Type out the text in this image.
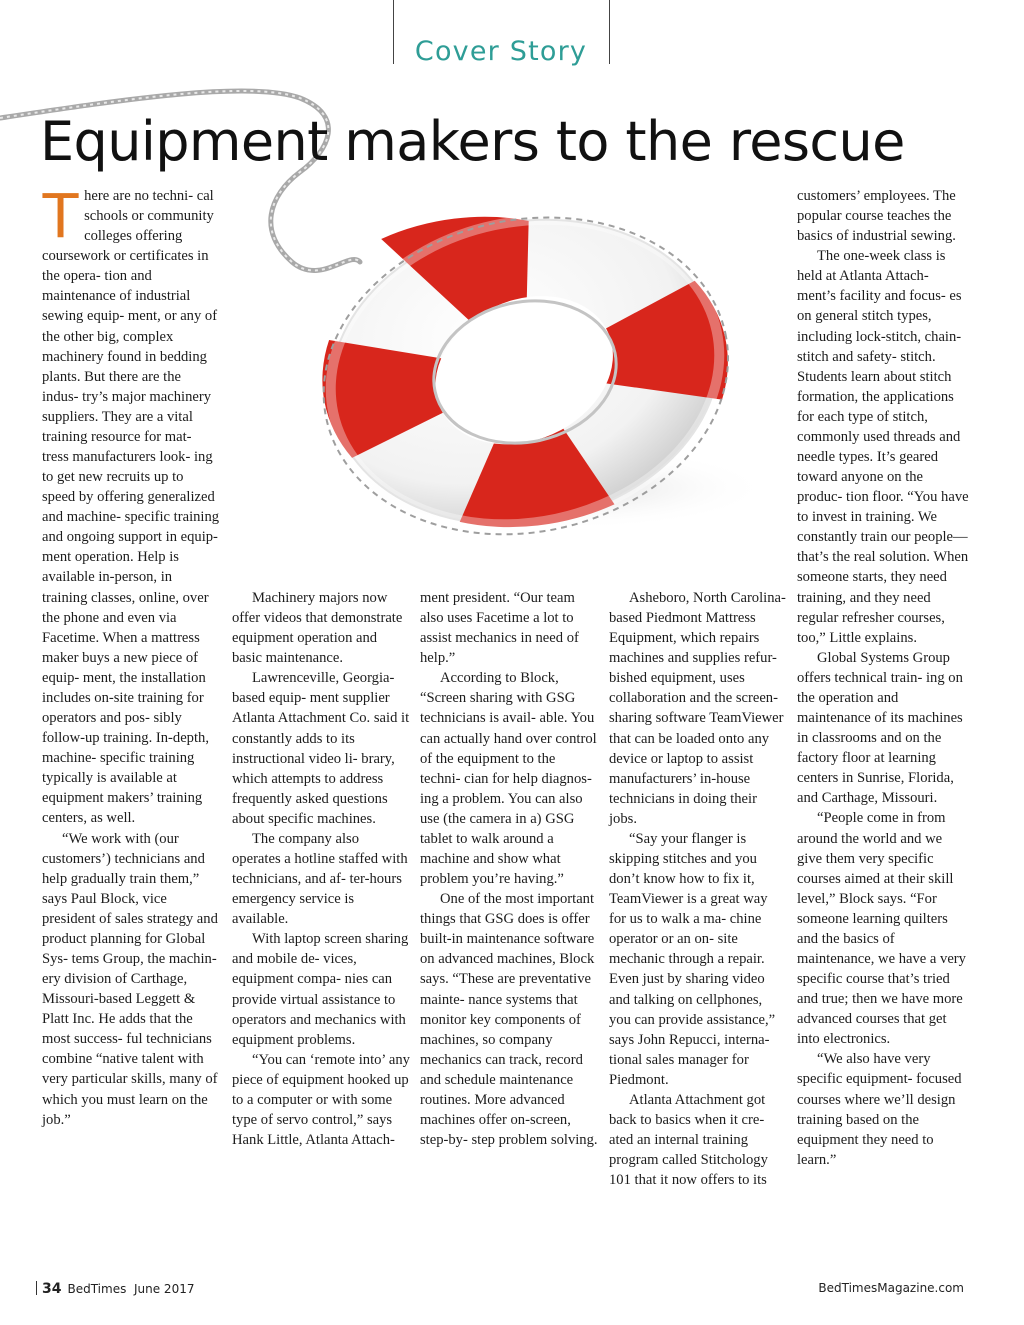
Cover Story
Equipment makers to the rescue

There are no techni- cal schools or community colleges offering coursework or certificates in the opera- tion and maintenance of industrial sewing equip- ment, or any of the other big, complex machinery found in bedding plants. But there are the indus- try’s major machinery suppliers. They are a vital training resource for mat- tress manufacturers look- ing to get new recruits up to speed by offering generalized and machine- specific training and ongoing support in equip- ment operation. Help is available in-person, in training classes, online, over the phone and even via Facetime. When a mattress maker buys a new piece of equip- ment, the installation includes on-site training for operators and pos- sibly follow-up training. In-depth, machine- specific training typically is available at equipment makers’ training centers, as well.

“We work with (our customers’) technicians and help gradually train them,” says Paul Block, vice president of sales strategy and product planning for Global Sys- tems Group, the machin- ery division of Carthage, Missouri-based Leggett & Platt Inc. He adds that the most success- ful technicians combine “native talent with very particular skills, many of which you must learn on the job.”

Machinery majors now offer videos that demonstrate equipment operation and basic maintenance.

Lawrenceville, Georgia-based equip- ment supplier Atlanta Attachment Co. said it constantly adds to its instructional video li- brary, which attempts to address frequently asked questions about specific machines.

The company also operates a hotline staffed with technicians, and af- ter-hours emergency service is available.

With laptop screen sharing and mobile de- vices, equipment compa- nies can provide virtual assistance to operators and mechanics with equipment problems.

“You can ‘remote into’ any piece of equipment hooked up to a computer or with some type of servo control,” says Hank Little, Atlanta Attach-

ment president. “Our team also uses Facetime a lot to assist mechanics in need of help.”

According to Block, “Screen sharing with GSG technicians is avail- able. You can actually hand over control of the equipment to the techni- cian for help diagnos- ing a problem. You can also use (the camera in a) GSG tablet to walk around a machine and show what problem you’re having.”

One of the most important things that GSG does is offer built-in maintenance software on advanced machines, Block says. “These are preventative mainte- nance systems that monitor key components of machines, so company mechanics can track, record and schedule maintenance routines. More advanced machines offer on-screen, step-by- step problem solving.

Asheboro, North Carolina-based Piedmont Mattress Equipment, which repairs machines and supplies refur- bished equipment, uses collaboration and the screen-sharing software TeamViewer that can be loaded onto any device or laptop to assist manufacturers’ in-house technicians in doing their jobs.

“Say your flanger is skipping stitches and you don’t know how to fix it, TeamViewer is a great way for us to walk a ma- chine operator or an on- site mechanic through a repair. Even just by sharing video and talking on cellphones, you can provide assistance,” says John Repucci, interna- tional sales manager for Piedmont.

Atlanta Attachment got back to basics when it cre- ated an internal training program called Stitchology 101 that it now offers to its

customers’ employees. The popular course teaches the basics of industrial sewing.

The one-week class is held at Atlanta Attach- ment’s facility and focus- es on general stitch types, including lock-stitch, chain-stitch and safety- stitch. Students learn about stitch formation, the applications for each type of stitch, commonly used threads and needle types. It’s geared toward anyone on the produc- tion floor. “You have to invest in training. We constantly train our people—that’s the real solution. When someone starts, they need training, and they need regular refresher courses, too,” Little explains.

Global Systems Group offers technical train- ing on the operation and maintenance of its machines in classrooms and on the factory floor at learning centers in Sunrise, Florida, and Carthage, Missouri.

“People come in from around the world and we give them very specific courses aimed at their skill level,” Block says. “For someone learning quilters and the basics of maintenance, we have a very specific course that’s tried and true; then we have more advanced courses that get into electronics.

“We also have very specific equipment- focused courses where we’ll design training based on the equipment they need to learn.”

34 BedTimes June 2017	BedTimesMagazine.com
